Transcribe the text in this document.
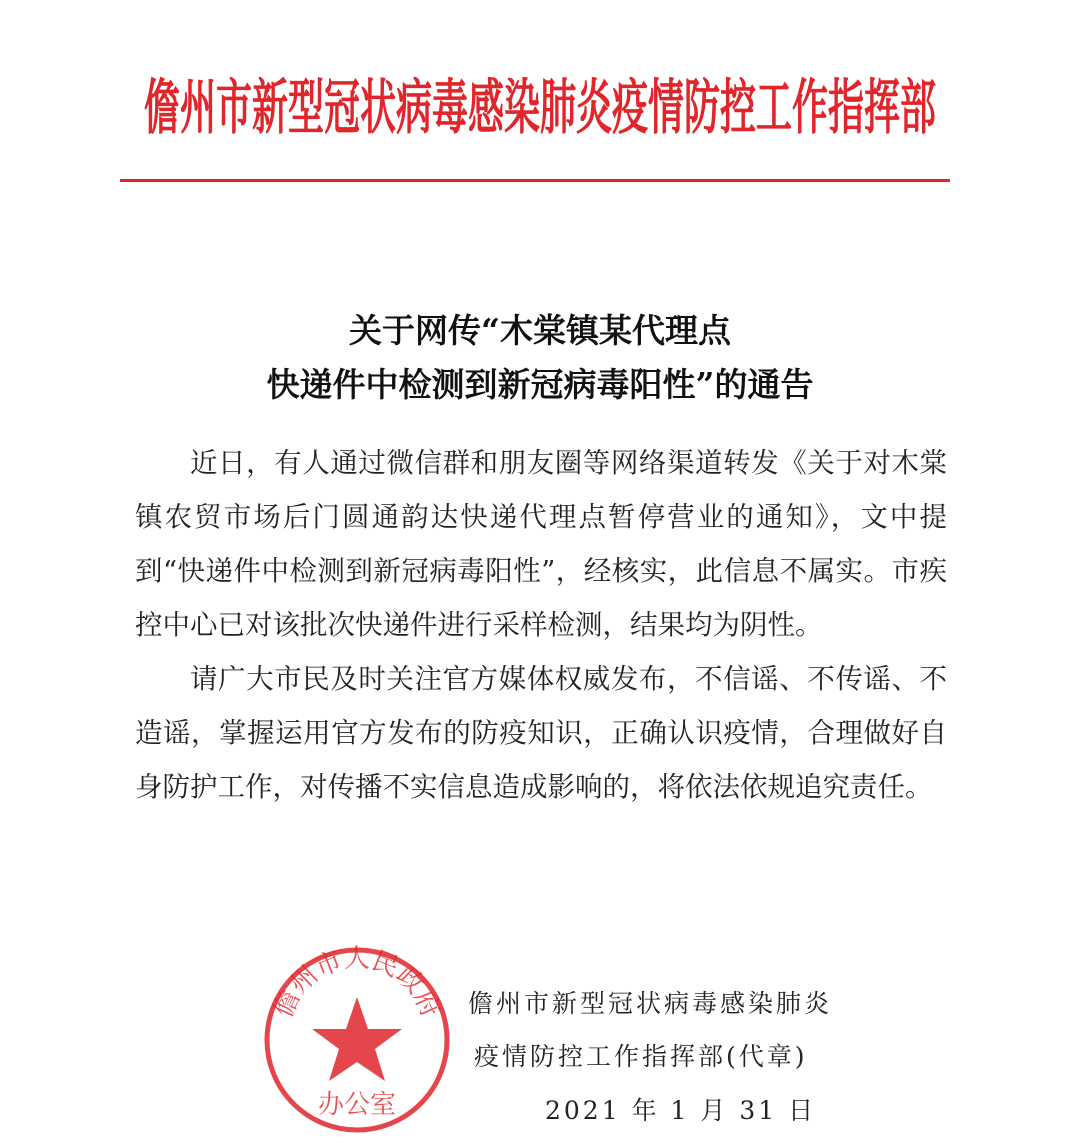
儋州市新型冠状病毒感染肺炎疫情防控工作指挥部
关于网传“木棠镇某代理点
快递件中检测到新冠病毒阳性”的通告

近日，有人通过微信群和朋友圈等网络渠道转发《关于对木棠镇农贸市场后门圆通韵达快递代理点暂停营业的通知》，文中提到“快递件中检测到新冠病毒阳性”，经核实，此信息不属实。市疾控中心已对该批次快递件进行采样检测，结果均为阴性。

请广大市民及时关注官方媒体权威发布，不信谣、不传谣、不造谣，掌握运用官方发布的防疫知识，正确认识疫情，合理做好自身防护工作，对传播不实信息造成影响的，将依法依规追究责任。

儋州市人民政府
办公室
儋州市新型冠状病毒感染肺炎
疫情防控工作指挥部(代章)
2021 年 1 月 31 日
